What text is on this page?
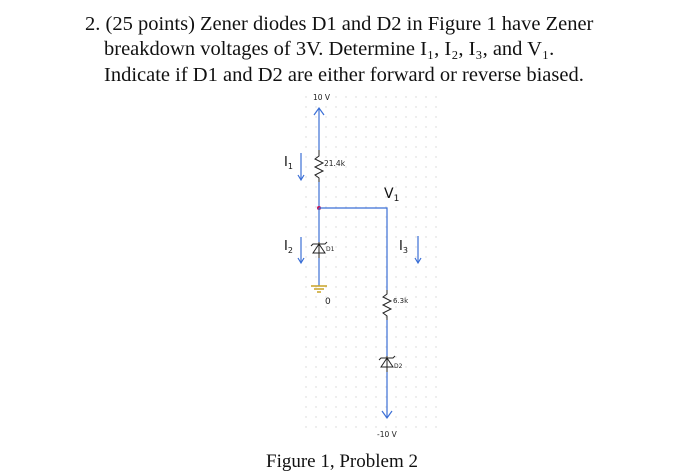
2. (25 points) Zener diodes D1 and D2 in Figure 1 have Zener
breakdown voltages of 3V. Determine I₁, I₂, I₃, and V₁.
Indicate if D1 and D2 are either forward or reverse biased.
10 V
21.4k
$V_1$
D1
0	6.3k
D2
-10 V
$I_1$
$I_2$	$I_3$
Figure 1, Problem 2
